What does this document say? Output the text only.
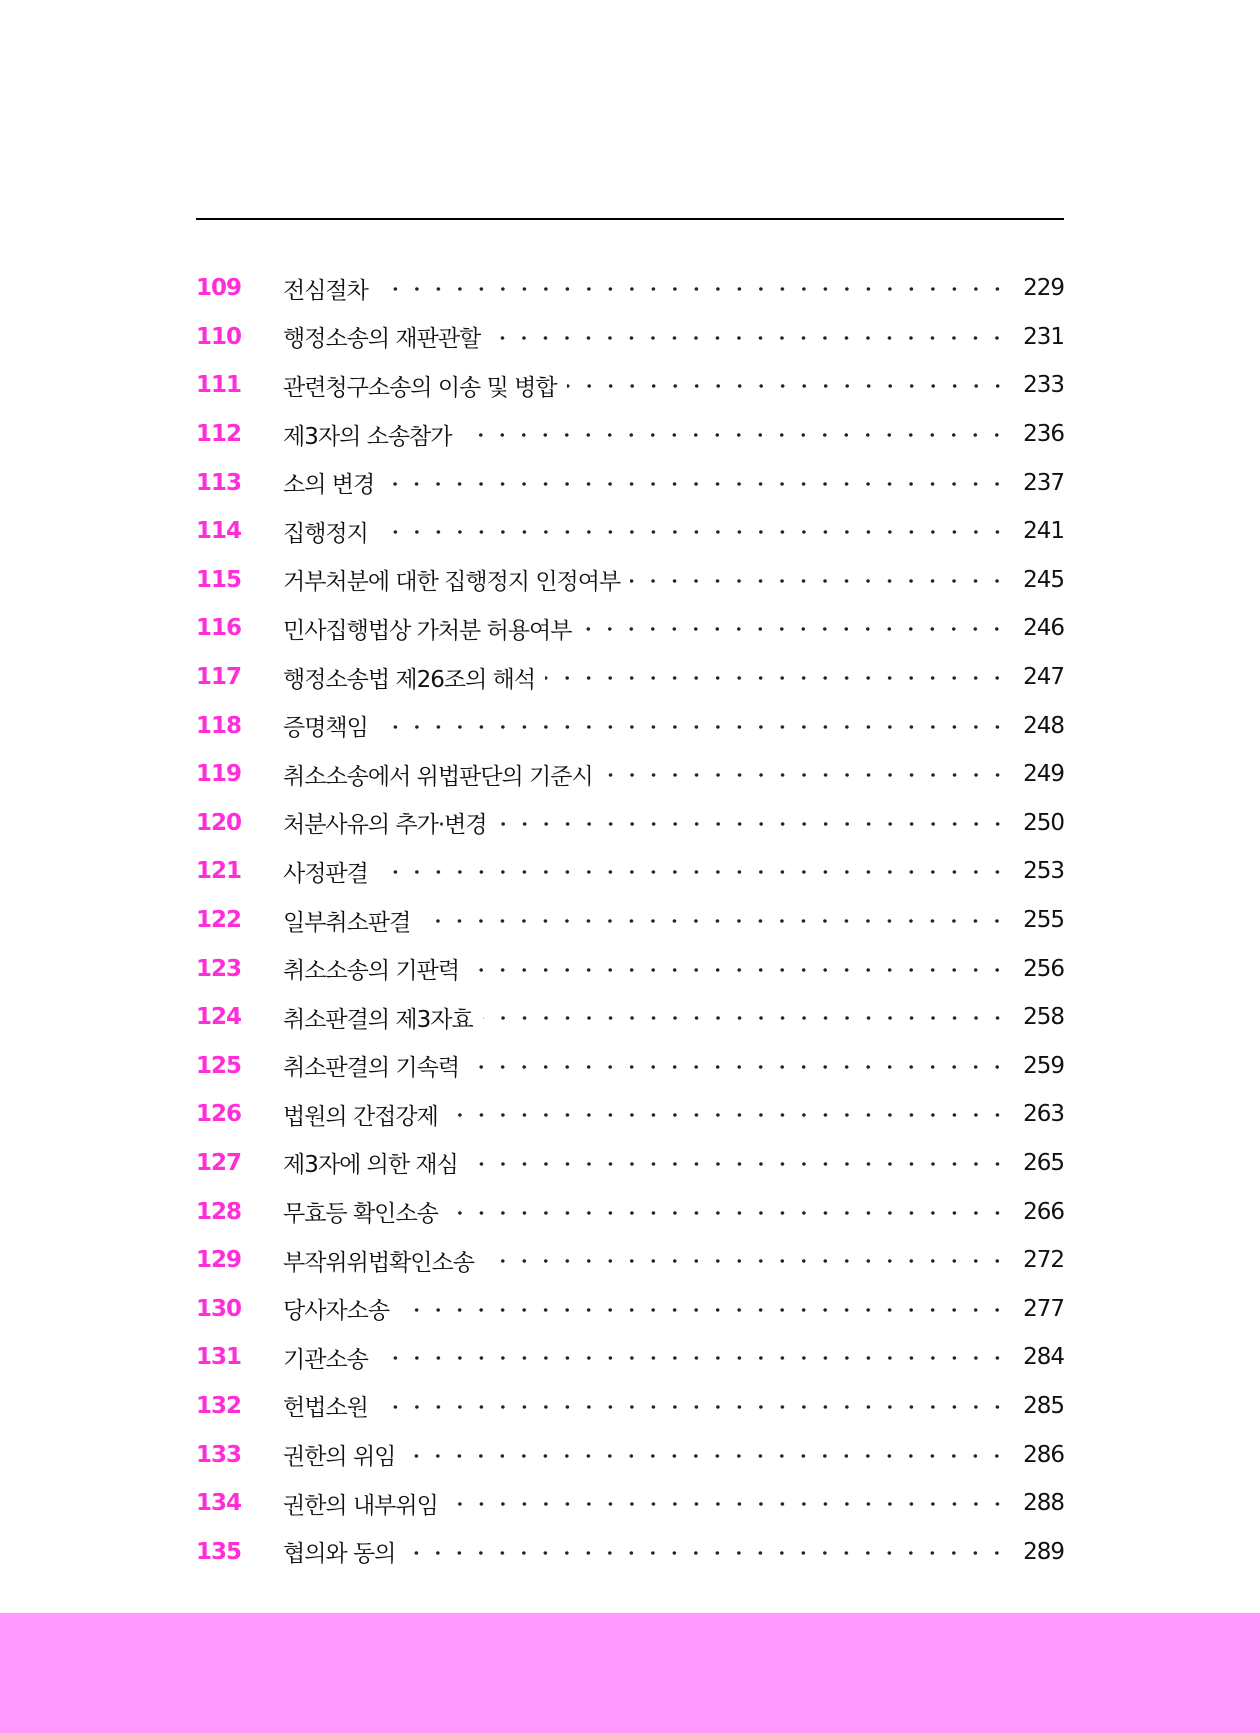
109	전심절차	229
110	행정소송의 재판관할	231
111	관련청구소송의 이송 및 병합	233
112	제3자의 소송참가	236
113	소의 변경	237
114	집행정지	241
115	거부처분에 대한 집행정지 인정여부	245
116	민사집행법상 가처분 허용여부	246
117	행정소송법 제26조의 해석	247
118	증명책임	248
119	취소소송에서 위법판단의 기준시	249
120	처분사유의 추가·변경	250
121	사정판결	253
122	일부취소판결	255
123	취소소송의 기판력	256
124	취소판결의 제3자효	258
125	취소판결의 기속력	259
126	법원의 간접강제	263
127	제3자에 의한 재심	265
128	무효등 확인소송	266
129	부작위위법확인소송	272
130	당사자소송	277
131	기관소송	284
132	헌법소원	285
133	권한의 위임	286
134	권한의 내부위임	288
135	협의와 동의	289
